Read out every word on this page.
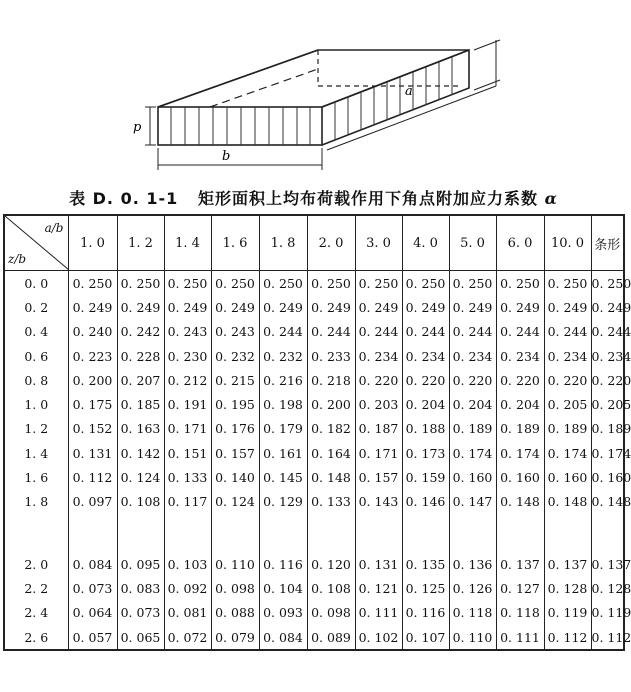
p
b
a
表 D. 0. 1-1 矩形面积上均布荷载作用下角点附加应力系数 α
a/b
z/b	1. 0	1. 2	1. 4	1. 6	1. 8	2. 0	3. 0	4. 0	5. 0	6. 0	10. 0	条形
0. 0	0. 250	0. 250	0. 250	0. 250	0. 250	0. 250	0. 250	0. 250	0. 250	0. 250	0. 250	0. 250
0. 2	0. 249	0. 249	0. 249	0. 249	0. 249	0. 249	0. 249	0. 249	0. 249	0. 249	0. 249	0. 249
0. 4	0. 240	0. 242	0. 243	0. 243	0. 244	0. 244	0. 244	0. 244	0. 244	0. 244	0. 244	0. 244
0. 6	0. 223	0. 228	0. 230	0. 232	0. 232	0. 233	0. 234	0. 234	0. 234	0. 234	0. 234	0. 234
0. 8	0. 200	0. 207	0. 212	0. 215	0. 216	0. 218	0. 220	0. 220	0. 220	0. 220	0. 220	0. 220
1. 0	0. 175	0. 185	0. 191	0. 195	0. 198	0. 200	0. 203	0. 204	0. 204	0. 204	0. 205	0. 205
1. 2	0. 152	0. 163	0. 171	0. 176	0. 179	0. 182	0. 187	0. 188	0. 189	0. 189	0. 189	0. 189
1. 4	0. 131	0. 142	0. 151	0. 157	0. 161	0. 164	0. 171	0. 173	0. 174	0. 174	0. 174	0. 174
1. 6	0. 112	0. 124	0. 133	0. 140	0. 145	0. 148	0. 157	0. 159	0. 160	0. 160	0. 160	0. 160
1. 8	0. 097	0. 108	0. 117	0. 124	0. 129	0. 133	0. 143	0. 146	0. 147	0. 148	0. 148	0. 148

2. 0	0. 084	0. 095	0. 103	0. 110	0. 116	0. 120	0. 131	0. 135	0. 136	0. 137	0. 137	0. 137
2. 2	0. 073	0. 083	0. 092	0. 098	0. 104	0. 108	0. 121	0. 125	0. 126	0. 127	0. 128	0. 128
2. 4	0. 064	0. 073	0. 081	0. 088	0. 093	0. 098	0. 111	0. 116	0. 118	0. 118	0. 119	0. 119
2. 6	0. 057	0. 065	0. 072	0. 079	0. 084	0. 089	0. 102	0. 107	0. 110	0. 111	0. 112	0. 112
